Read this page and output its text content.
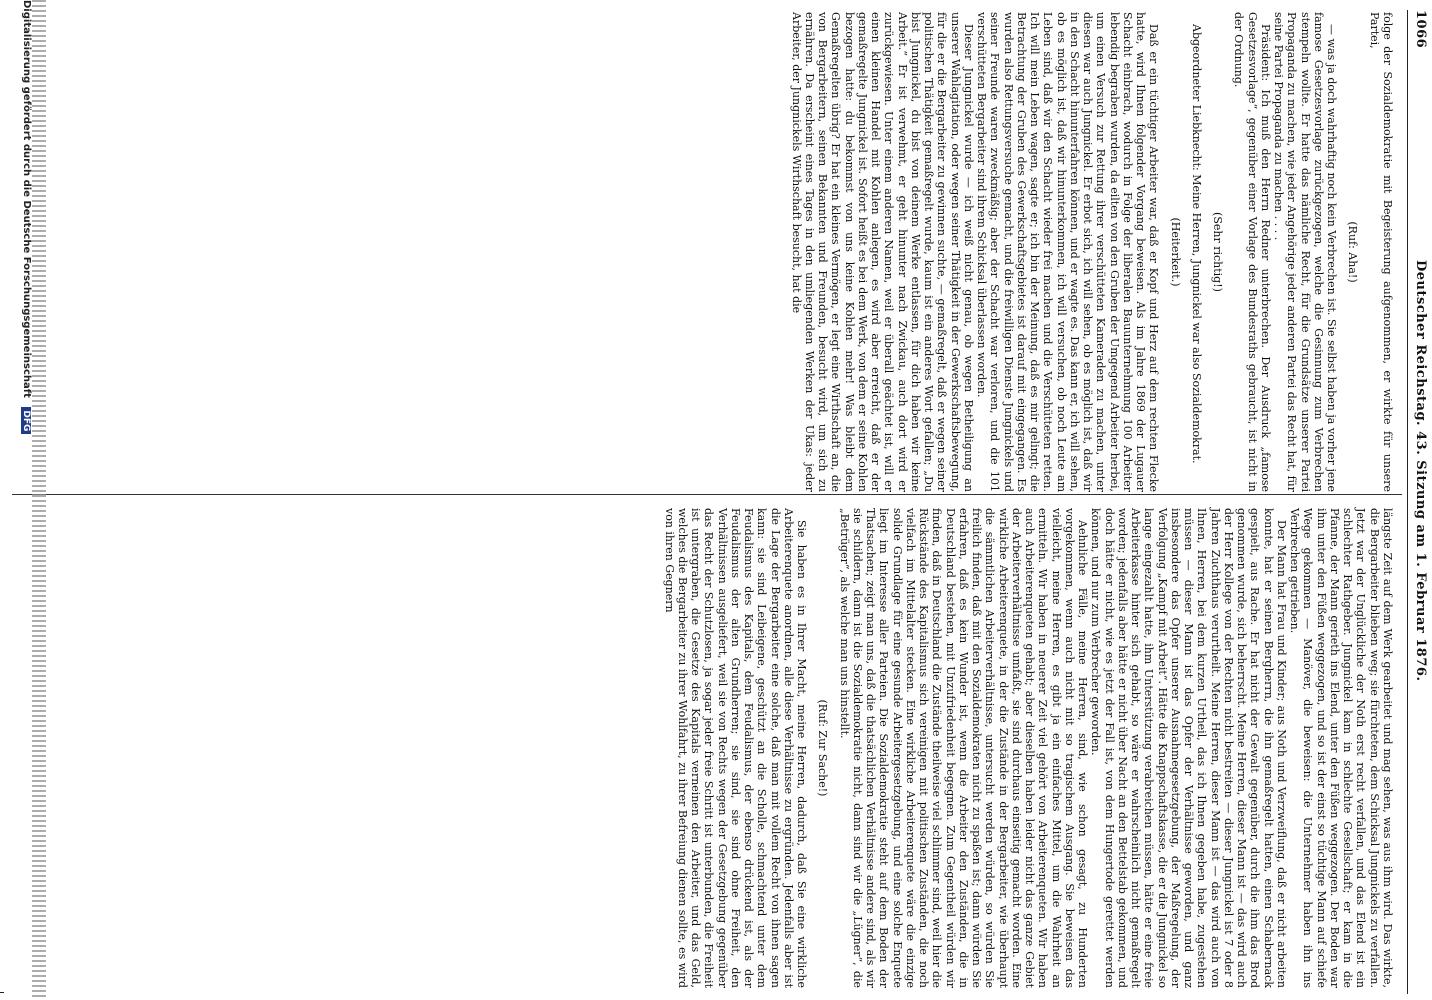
1066
Deutscher Reichstag. 43. Sitzung am 1. Februar 1876.

folge der Sozialdemokratie mit Begeisterung aufgenommen, er wirkte für unsere Partei,

(Ruf: Aha!)

— was ja doch wahrhaftig noch kein Verbrechen ist. Sie selbst haben ja vorher jene famose Gesetzesvorlage zurückgezogen, welche die Gesinnung zum Verbrechen stempeln wollte. Er hatte das nämliche Recht, für die Grundsätze unserer Partei Propaganda zu machen, wie jeder Angehörige jeder anderen Partei das Recht hat, für seine Partei Propaganda zu machen . . . .

Präsident: Ich muß den Herrn Redner unterbrechen. Der Ausdruck „famose Gesetzesvorlage“, gegenüber einer Vorlage des Bundesraths gebraucht, ist nicht in der Ordnung.

(Sehr richtig!)

Abgeordneter Liebknecht: Meine Herren, Jungnickel war also Sozialdemokrat.

(Heiterkeit.)

Daß er ein tüchtiger Arbeiter war, daß er Kopf und Herz auf dem rechten Flecke hatte, wird Ihnen folgender Vorgang beweisen. Als im Jahre 1869 der Lugauer Schacht einbrach, wodurch in Folge der liberalen Bauunternehmung 100 Arbeiter lebendig begraben wurden, da eilten von den Gruben der Umgegend Arbeiter herbei, um einen Versuch zur Rettung ihrer verschütteten Kameraden zu machen, unter diesen war auch Jungnickel. Er erbot sich, ich will sehen, ob es möglich ist, daß wir in den Schacht hinunterfahren können, und er wagte es. Das kann er, ich will sehen, ob es möglich ist, daß wir hinunterkommen, ich will versuchen, ob noch Leute am Leben sind, daß wir den Schacht wieder frei machen und die Verschütteten retten. Ich will mein Leben wagen, sagte er; ich bin der Meinung, daß es mir gelingt; die Betrachtung der Gruben des Gewerkschaftsgebietes ist darauf mit eingegangen. Es wurden also Rettungsversuche gemacht, und die freiwilligen Dienste Jungnickels und seiner Freunde waren zweckmäßig; aber der Schacht war verloren, und die 101 verschütteten Bergarbeiter sind ihrem Schicksal überlassen worden.

Dieser Jungnickel wurde — ich weiß nicht genau, ob wegen Betheiligung an unserer Wahlagitation, oder wegen seiner Thätigkeit in der Gewerkschaftsbewegung, für die er die Bergarbeiter zu gewinnen suchte, — gemaßregelt, daß er wegen seiner politischen Thätigkeit gemaßregelt wurde, kaum ist ein anderes Wort gefallen; „Du bist Jungnickel, du bist von deinem Werke entlassen, für dich haben wir keine Arbeit.“ Er ist verwehmt, er geht hinunter nach Zwickau, auch dort wird er zurückgewiesen. Unter einem anderen Namen, weil er überall geächtet ist, will er einen kleinen Handel mit Kohlen anlegen, es wird aber erreicht, daß er der gemaßregelte Jungnickel ist. Sofort heißt es bei dem Werk, von dem er seine Kohlen bezogen hatte: du bekommst von uns keine Kohlen mehr! Was bleibt dem Gemaßregelten übrig? Er hat ein kleines Vermögen, er legt eine Wirthschaft an, die von Bergarbeitern, seinen Bekannten und Freunden, besucht wird, um sich zu ernähren. Da erscheint eines Tages in den umliegenden Werken der Ukas: jeder Arbeiter, der Jungnickels Wirthschaft besucht, hat die

längste Zeit auf dem Werk gearbeitet und mag sehen, was aus ihm wird. Das wirkte, die Bergarbeiter blieben weg; sie fürchteten, dem Schicksal Jungnickels zu verfallen. Jetzt war der Unglückliche der Noth erst recht verfallen, und das Elend ist ein schlechter Rathgeber. Jungnickel kam in schlechte Gesellschaft; er kam in die Pfanne, der Mann gerieth ins Elend, unter den Füßen weggezogen. Der Boden war ihm unter den Füßen weggezogen, und so ist der einst so tüchtige Mann auf schiefe Wege gekommen — Manöver, die beweisen: die Unternehmer haben ihn ins Verbrechen getrieben.

Der Mann hat Frau und Kinder; aus Noth und Verzweiflung, daß er nicht arbeiten konnte, hat er seinen Bergherrn, die ihn gemaßregelt hatten, einen Schabernack gespielt, aus Rache. Er hat nicht der Gewalt gegenüber, durch die ihm das Brod genommen wurde, sich beherrscht. Meine Herren, dieser Mann ist — das wird auch der Herr Kollege von der Rechten nicht bestreiten — dieser Jungnickel ist 7 oder 8 Jahren Zuchthaus verurtheilt. Meine Herren, dieser Mann ist — das wird auch von Ihnen, Herren, bei dem kurzen Urtheil, das ich Ihnen gegeben habe, zugestehen müssen — dieser Mann ist das Opfer der Verhältnisse geworden, und ganz insbesondere das Opfer unserer Ausnahmegesetzgebung, der Maßregelung, der Verfolgung „Kampf mit Arbeit“. Hätte die Knappschaftskasse, die er die Jungnickel so lange eingezahlt hatte, ihm Unterstützung verabreichen müssen, hätte er eine freie Arbeiterkasse hinter sich gehabt, so wäre er wahrscheinlich nicht gemaßregelt worden; jedenfalls aber hätte er nicht über Nacht an den Bettelstab gekommen, und doch hätte er nicht, wie es jetzt der Fall ist, von dem Hungertode gerettet werden können, und nur zum Verbrecher geworden.

Aehnliche Fälle, meine Herren, sind, wie schon gesagt, zu Hunderten vorgekommen, wenn auch nicht mit so tragischem Ausgang. Sie beweisen das vielleicht, meine Herren, es gibt ja ein einfaches Mittel, um die Wahrheit an ermitteln. Wir haben in neuerer Zeit viel gehört von Arbeiterenqueten. Wir haben auch Arbeiterenqueten gehabt; aber dieselben haben leider nicht das ganze Gebiet der Arbeiterverhältnisse umfaßt, sie sind durchaus einseitig gemacht worden. Eine wirkliche Arbeiterenquete, in der die Zustände in der Bergarbeiter, wie überhaupt die sämmtlichen Arbeiterverhältnisse, untersucht werden würden, so würden Sie freilich finden, daß mit den Sozialdemokraten nicht zu spaßen ist; dann würden Sie erfahren, daß es kein Wunder ist, wenn die Arbeiter den Zuständen, die in Deutschland bestehen, mit Unzufriedenheit begegnen. Zum Gegentheil würden wir finden, daß in Deutschland die Zustände theilweise viel schlimmer sind, weil hier die Rückstände des Kapitalismus sich vereinigen mit politischen Zuständen, die noch vielfach im Mittelalter stecken. Eine wirkliche Arbeiterenquete wäre die einzige solide Grundlage für eine gesunde Arbeitergesetzgebung, und eine solche Enquete liegt im Interesse aller Parteien. Die Sozialdemokratie steht auf dem Boden der Thatsachen; zeigt man uns, daß die thatsächlichen Verhältnisse andere sind, als wir sie schildern, dann ist die Sozialdemokratie nicht, dann sind wir die „Lügner“, die „Betrüger“, als welche man uns hinstellt.

(Ruf: Zur Sache!)

Sie haben es in Ihrer Macht, meine Herren, dadurch, daß Sie eine wirkliche Arbeiterenquete anordnen, alle diese Verhältnisse zu ergründen. Jedenfalls aber ist die Lage der Bergarbeiter eine solche, daß man mit vollem Recht von ihnen sagen kann: sie sind Leibeigene, geschützt an die Scholle, schmachtend unter dem Feudalismus des Kapitals, dem Feudalismus, der ebenso drückend ist, als der Feudalismus der alten Grundherren; sie sind, sie sind ohne Freiheit, den Verhältnissen ausgeliefert, weil sie von Rechts wegen der Gesetzgebung gegenüber das Recht der Schutzlosen, ja sogar jeder freie Schritt ist unterbunden, die Freiheit ist untergraben, die Gesetze des Kapitals verneinen den Arbeiter, und das Geld, welches die Bergarbeiter zu ihrer Wohlfahrt, zu ihrer Befreiung dienen sollte, es wird von ihren Gegnern

Digitalisierung gefördert durch die Deutsche Forschungsgemeinschaft DFG
